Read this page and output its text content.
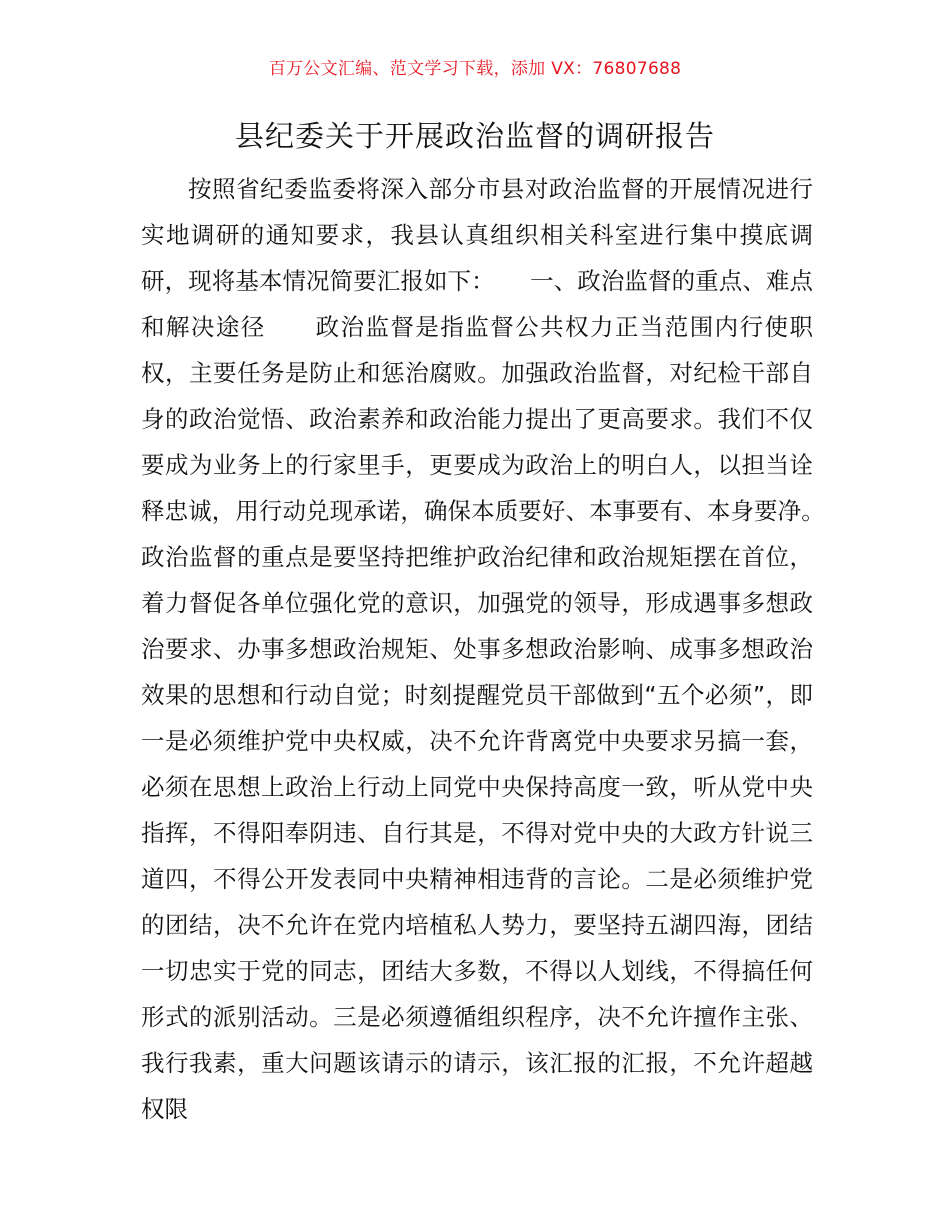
百万公文汇编、范文学习下载，添加 VX：76807688
县纪委关于开展政治监督的调研报告

按照省纪委监委将深入部分市县对政治监督的开展情况进行实地调研的通知要求，我县认真组织相关科室进行集中摸底调研，现将基本情况简要汇报如下：　　一、政治监督的重点、难点和解决途径　　政治监督是指监督公共权力正当范围内行使职权，主要任务是防止和惩治腐败。加强政治监督，对纪检干部自身的政治觉悟、政治素养和政治能力提出了更高要求。我们不仅要成为业务上的行家里手，更要成为政治上的明白人，以担当诠释忠诚，用行动兑现承诺，确保本质要好、本事要有、本身要净。　　政治监督的重点是要坚持把维护政治纪律和政治规矩摆在首位，着力督促各单位强化党的意识，加强党的领导，形成遇事多想政治要求、办事多想政治规矩、处事多想政治影响、成事多想政治效果的思想和行动自觉；时刻提醒党员干部做到“五个必须”，即一是必须维护党中央权威，决不允许背离党中央要求另搞一套，必须在思想上政治上行动上同党中央保持高度一致，听从党中央指挥，不得阳奉阴违、自行其是，不得对党中央的大政方针说三道四，不得公开发表同中央精神相违背的言论。二是必须维护党的团结，决不允许在党内培植私人势力，要坚持五湖四海，团结一切忠实于党的同志，团结大多数，不得以人划线，不得搞任何形式的派别活动。三是必须遵循组织程序，决不允许擅作主张、我行我素，重大问题该请示的请示，该汇报的汇报，不允许超越权限
